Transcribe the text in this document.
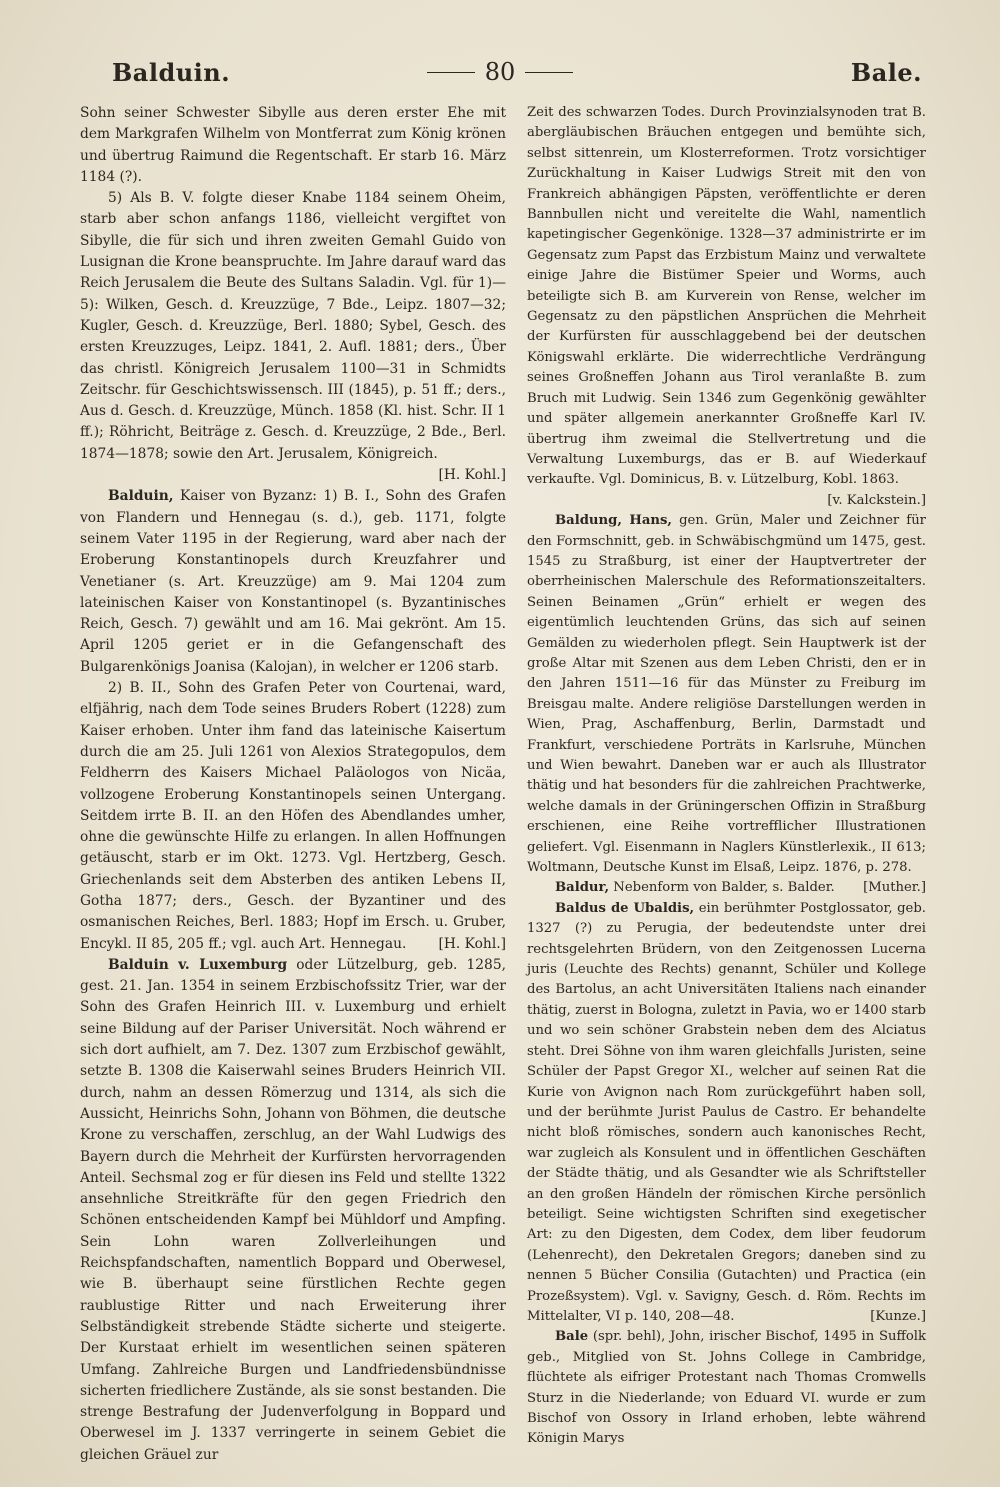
Balduin.	80	Bale.

Sohn seiner Schwester Sibylle aus deren erster Ehe mit dem Markgrafen Wilhelm von Montferrat zum König krönen und übertrug Raimund die Regentschaft. Er starb 16. März 1184 (?).

5) Als B. V. folgte dieser Knabe 1184 seinem Oheim, starb aber schon anfangs 1186, vielleicht vergiftet von Sibylle, die für sich und ihren zweiten Gemahl Guido von Lusignan die Krone beanspruchte. Im Jahre darauf ward das Reich Jerusalem die Beute des Sultans Saladin. Vgl. für 1)—5): Wilken, Gesch. d. Kreuzzüge, 7 Bde., Leipz. 1807—32; Kugler, Gesch. d. Kreuzzüge, Berl. 1880; Sybel, Gesch. des ersten Kreuzzuges, Leipz. 1841, 2. Aufl. 1881; ders., Über das christl. Königreich Jerusalem 1100—31 in Schmidts Zeitschr. für Geschichtswissensch. III (1845), p. 51 ff.; ders., Aus d. Gesch. d. Kreuzzüge, Münch. 1858 (Kl. hist. Schr. II 1 ff.); Röhricht, Beiträge z. Gesch. d. Kreuzzüge, 2 Bde., Berl. 1874—1878; sowie den Art. Jerusalem, Königreich.
[H. Kohl.]

Balduin, Kaiser von Byzanz: 1) B. I., Sohn des Grafen von Flandern und Hennegau (s. d.), geb. 1171, folgte seinem Vater 1195 in der Regierung, ward aber nach der Eroberung Konstantinopels durch Kreuzfahrer und Venetianer (s. Art. Kreuzzüge) am 9. Mai 1204 zum lateinischen Kaiser von Konstantinopel (s. Byzantinisches Reich, Gesch. 7) gewählt und am 16. Mai gekrönt. Am 15. April 1205 geriet er in die Gefangenschaft des Bulgarenkönigs Joanisa (Kalojan), in welcher er 1206 starb.

2) B. II., Sohn des Grafen Peter von Courtenai, ward, elfjährig, nach dem Tode seines Bruders Robert (1228) zum Kaiser erhoben. Unter ihm fand das lateinische Kaisertum durch die am 25. Juli 1261 von Alexios Strategopulos, dem Feldherrn des Kaisers Michael Paläologos von Nicäa, vollzogene Eroberung Konstantinopels seinen Untergang. Seitdem irrte B. II. an den Höfen des Abendlandes umher, ohne die gewünschte Hilfe zu erlangen. In allen Hoffnungen getäuscht, starb er im Okt. 1273. Vgl. Hertzberg, Gesch. Griechenlands seit dem Absterben des antiken Lebens II, Gotha 1877; ders., Gesch. der Byzantiner und des osmanischen Reiches, Berl. 1883; Hopf im Ersch. u. Gruber, Encykl. II 85, 205 ff.; vgl. auch Art. Hennegau.	[H. Kohl.]

Balduin v. Luxemburg oder Lützelburg, geb. 1285, gest. 21. Jan. 1354 in seinem Erzbischofssitz Trier, war der Sohn des Grafen Heinrich III. v. Luxemburg und erhielt seine Bildung auf der Pariser Universität. Noch während er sich dort aufhielt, am 7. Dez. 1307 zum Erzbischof gewählt, setzte B. 1308 die Kaiserwahl seines Bruders Heinrich VII. durch, nahm an dessen Römerzug und 1314, als sich die Aussicht, Heinrichs Sohn, Johann von Böhmen, die deutsche Krone zu verschaffen, zerschlug, an der Wahl Ludwigs des Bayern durch die Mehrheit der Kurfürsten hervorragenden Anteil. Sechsmal zog er für diesen ins Feld und stellte 1322 ansehnliche Streitkräfte für den gegen Friedrich den Schönen entscheidenden Kampf bei Mühldorf und Ampfing. Sein Lohn waren Zollverleihungen und Reichspfandschaften, namentlich Boppard und Oberwesel, wie B. überhaupt seine fürstlichen Rechte gegen raublustige Ritter und nach Erweiterung ihrer Selbständigkeit strebende Städte sicherte und steigerte. Der Kurstaat erhielt im wesentlichen seinen späteren Umfang. Zahlreiche Burgen und Landfriedensbündnisse sicherten friedlichere Zustände, als sie sonst bestanden. Die strenge Bestrafung der Judenverfolgung in Boppard und Oberwesel im J. 1337 verringerte in seinem Gebiet die gleichen Gräuel zur

Zeit des schwarzen Todes. Durch Provinzialsynoden trat B. abergläubischen Bräuchen entgegen und bemühte sich, selbst sittenrein, um Klosterreformen. Trotz vorsichtiger Zurückhaltung in Kaiser Ludwigs Streit mit den von Frankreich abhängigen Päpsten, veröffentlichte er deren Bannbullen nicht und vereitelte die Wahl, namentlich kapetingischer Gegenkönige. 1328—37 administrirte er im Gegensatz zum Papst das Erzbistum Mainz und verwaltete einige Jahre die Bistümer Speier und Worms, auch beteiligte sich B. am Kurverein von Rense, welcher im Gegensatz zu den päpstlichen Ansprüchen die Mehrheit der Kurfürsten für ausschlaggebend bei der deutschen Königswahl erklärte. Die widerrechtliche Verdrängung seines Großneffen Johann aus Tirol veranlaßte B. zum Bruch mit Ludwig. Sein 1346 zum Gegenkönig gewählter und später allgemein anerkannter Großneffe Karl IV. übertrug ihm zweimal die Stellvertretung und die Verwaltung Luxemburgs, das er B. auf Wiederkauf verkaufte. Vgl. Dominicus, B. v. Lützelburg, Kobl. 1863.
[v. Kalckstein.]

Baldung, Hans, gen. Grün, Maler und Zeichner für den Formschnitt, geb. in Schwäbischgmünd um 1475, gest. 1545 zu Straßburg, ist einer der Hauptvertreter der oberrheinischen Malerschule des Reformationszeitalters. Seinen Beinamen „Grün“ erhielt er wegen des eigentümlich leuchtenden Grüns, das sich auf seinen Gemälden zu wiederholen pflegt. Sein Hauptwerk ist der große Altar mit Szenen aus dem Leben Christi, den er in den Jahren 1511—16 für das Münster zu Freiburg im Breisgau malte. Andere religiöse Darstellungen werden in Wien, Prag, Aschaffenburg, Berlin, Darmstadt und Frankfurt, verschiedene Porträts in Karlsruhe, München und Wien bewahrt. Daneben war er auch als Illustrator thätig und hat besonders für die zahlreichen Prachtwerke, welche damals in der Grüningerschen Offizin in Straßburg erschienen, eine Reihe vortrefflicher Illustrationen geliefert. Vgl. Eisenmann in Naglers Künstlerlexik., II 613; Woltmann, Deutsche Kunst im Elsaß, Leipz. 1876, p. 278.

Baldur, Nebenform von Balder, s. Balder.	[Muther.]

Baldus de Ubaldis, ein berühmter Postglossator, geb. 1327 (?) zu Perugia, der bedeutendste unter drei rechtsgelehrten Brüdern, von den Zeitgenossen Lucerna juris (Leuchte des Rechts) genannt, Schüler und Kollege des Bartolus, an acht Universitäten Italiens nach einander thätig, zuerst in Bologna, zuletzt in Pavia, wo er 1400 starb und wo sein schöner Grabstein neben dem des Alciatus steht. Drei Söhne von ihm waren gleichfalls Juristen, seine Schüler der Papst Gregor XI., welcher auf seinen Rat die Kurie von Avignon nach Rom zurückgeführt haben soll, und der berühmte Jurist Paulus de Castro. Er behandelte nicht bloß römisches, sondern auch kanonisches Recht, war zugleich als Konsulent und in öffentlichen Geschäften der Städte thätig, und als Gesandter wie als Schriftsteller an den großen Händeln der römischen Kirche persönlich beteiligt. Seine wichtigsten Schriften sind exegetischer Art: zu den Digesten, dem Codex, dem liber feudorum (Lehenrecht), den Dekretalen Gregors; daneben sind zu nennen 5 Bücher Consilia (Gutachten) und Practica (ein Prozeßsystem). Vgl. v. Savigny, Gesch. d. Röm. Rechts im Mittelalter, VI p. 140, 208—48.	[Kunze.]

Bale (spr. behl), John, irischer Bischof, 1495 in Suffolk geb., Mitglied von St. Johns College in Cambridge, flüchtete als eifriger Protestant nach Thomas Cromwells Sturz in die Niederlande; von Eduard VI. wurde er zum Bischof von Ossory in Irland erhoben, lebte während Königin Marys
